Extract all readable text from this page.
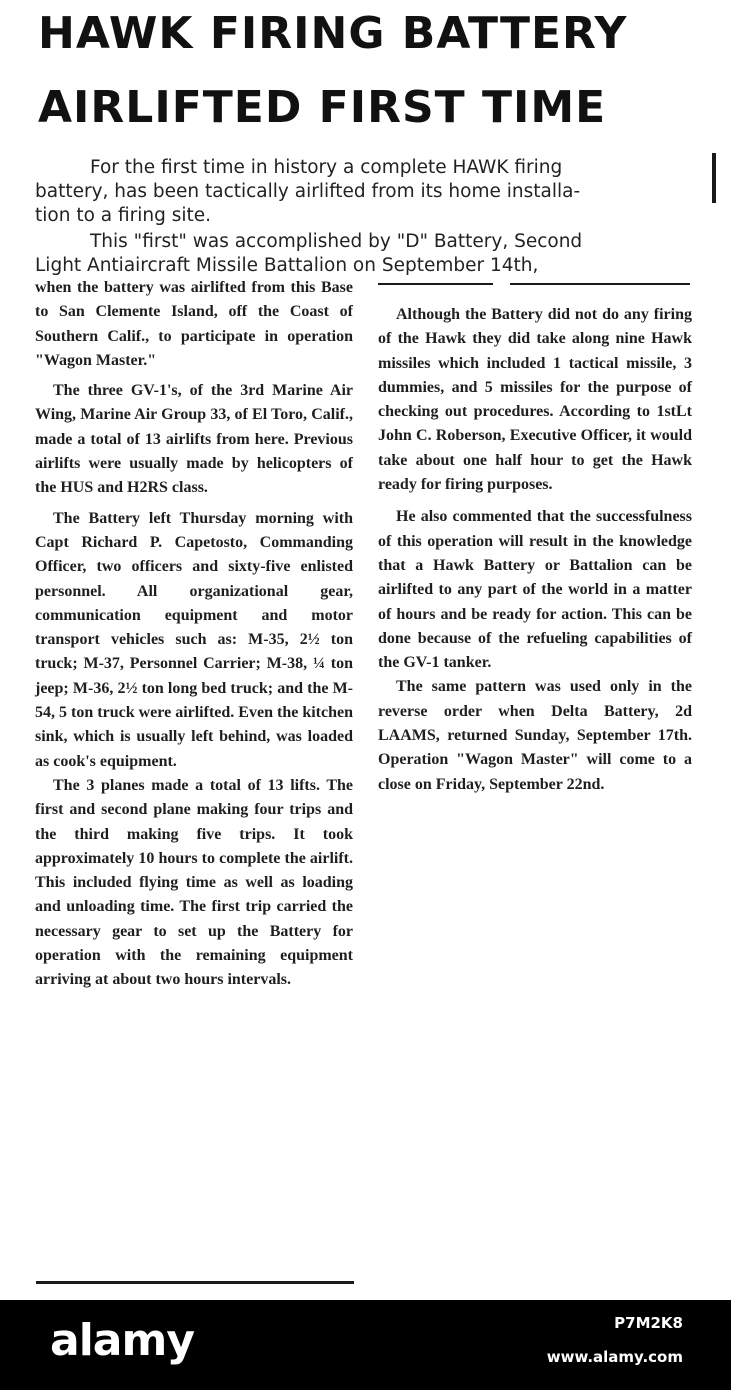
HAWK FIRING BATTERY
AIRLIFTED FIRST TIME

For the first time in history a complete HAWK firing

battery, has been tactically airlifted from its home installa-

tion to a firing site.

This "first" was accomplished by "D" Battery, Second

Light Antiaircraft Missile Battalion on September 14th,

when the battery was airlifted from this Base to San Clemente Island, off the Coast of Southern Calif., to participate in operation "Wagon Master."

The three GV-1's, of the 3rd Marine Air Wing, Marine Air Group 33, of El Toro, Calif., made a total of 13 airlifts from here. Previous airlifts were usually made by helicopters of the HUS and H2RS class.

The Battery left Thursday morning with Capt Richard P. Capetosto, Commanding Officer, two officers and sixty-five enlisted personnel. All organizational gear, communication equipment and motor transport vehicles such as: M-35, 2½ ton truck; M-37, Personnel Carrier; M-38, ¼ ton jeep; M-36, 2½ ton long bed truck; and the M-54, 5 ton truck were airlifted. Even the kitchen sink, which is usually left behind, was loaded as cook's equipment.

The 3 planes made a total of 13 lifts. The first and second plane making four trips and the third making five trips. It took approximately 10 hours to complete the airlift. This included flying time as well as loading and unloading time. The first trip carried the necessary gear to set up the Battery for operation with the remaining equipment arriving at about two hours intervals.

Although the Battery did not do any firing of the Hawk they did take along nine Hawk missiles which included 1 tactical missile, 3 dummies, and 5 missiles for the purpose of checking out procedures. According to 1stLt John C. Roberson, Executive Officer, it would take about one half hour to get the Hawk ready for firing purposes.

He also commented that the successfulness of this operation will result in the knowledge that a Hawk Battery or Battalion can be airlifted to any part of the world in a matter of hours and be ready for action. This can be done because of the refueling capabilities of the GV-1 tanker.

The same pattern was used only in the reverse order when Delta Battery, 2d LAAMS, returned Sunday, September 17th. Operation "Wagon Master" will come to a close on Friday, September 22nd.

alamy	P7M2K8
www.alamy.com
